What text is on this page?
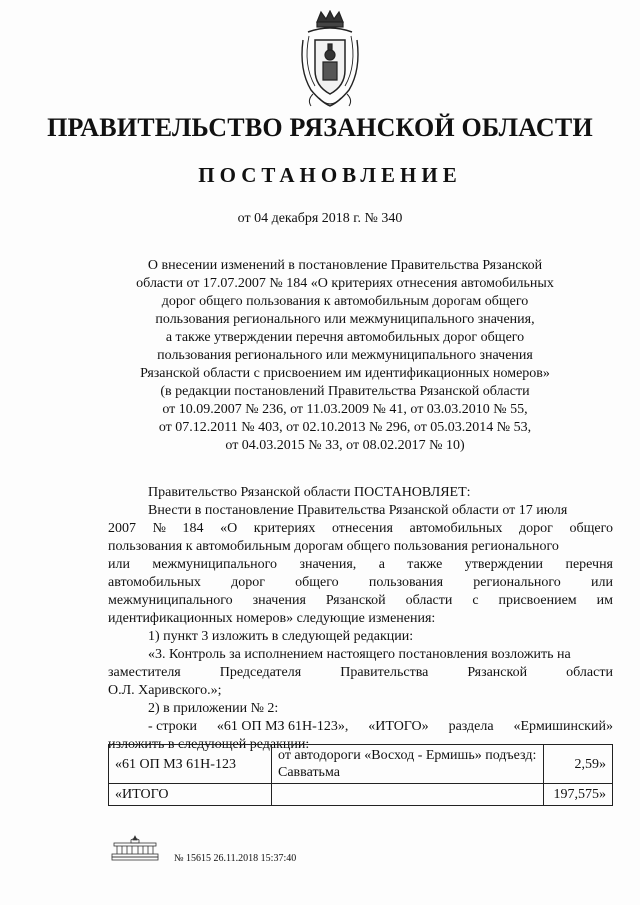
ПРАВИТЕЛЬСТВО РЯЗАНСКОЙ ОБЛАСТИ
ПОСТАНОВЛЕНИЕ
от 04 декабря 2018 г. № 340
О внесении изменений в постановление Правительства Рязанской
области от 17.07.2007 № 184 «О критериях отнесения автомобильных
дорог общего пользования к автомобильным дорогам общего
пользования регионального или межмуниципального значения,
а также утверждении перечня автомобильных дорог общего
пользования регионального или межмуниципального значения
Рязанской области с присвоением им идентификационных номеров»
(в редакции постановлений Правительства Рязанской области
от 10.09.2007 № 236, от 11.03.2009 № 41, от 03.03.2010 № 55,
от 07.12.2011 № 403, от 02.10.2013 № 296, от 05.03.2014 № 53,
от 04.03.2015 № 33, от 08.02.2017 № 10)
Правительство Рязанской области ПОСТАНОВЛЯЕТ:
Внести в постановление Правительства Рязанской области от 17 июля
2007 № 184 «О критериях отнесения автомобильных дорог общего
пользования к автомобильным дорогам общего пользования регионального
или межмуниципального значения, а также утверждении перечня
автомобильных дорог общего пользования регионального или
межмуниципального значения Рязанской области с присвоением им
идентификационных номеров» следующие изменения:
1) пункт 3 изложить в следующей редакции:
«3. Контроль за исполнением настоящего постановления возложить на
заместителя	Председателя	Правительства	Рязанской	области
О.Л. Харивского.»;
2) в приложении № 2:
- строки «61 ОП МЗ 61Н-123», «ИТОГО» раздела «Ермишинский»
изложить в следующей редакции:
«61 ОП МЗ 61Н-123	от автодороги «Восход - Ермишь» подъезд: Савватьма	2,59»
«ИТОГО		197,575»
№ 15615 26.11.2018 15:37:40
